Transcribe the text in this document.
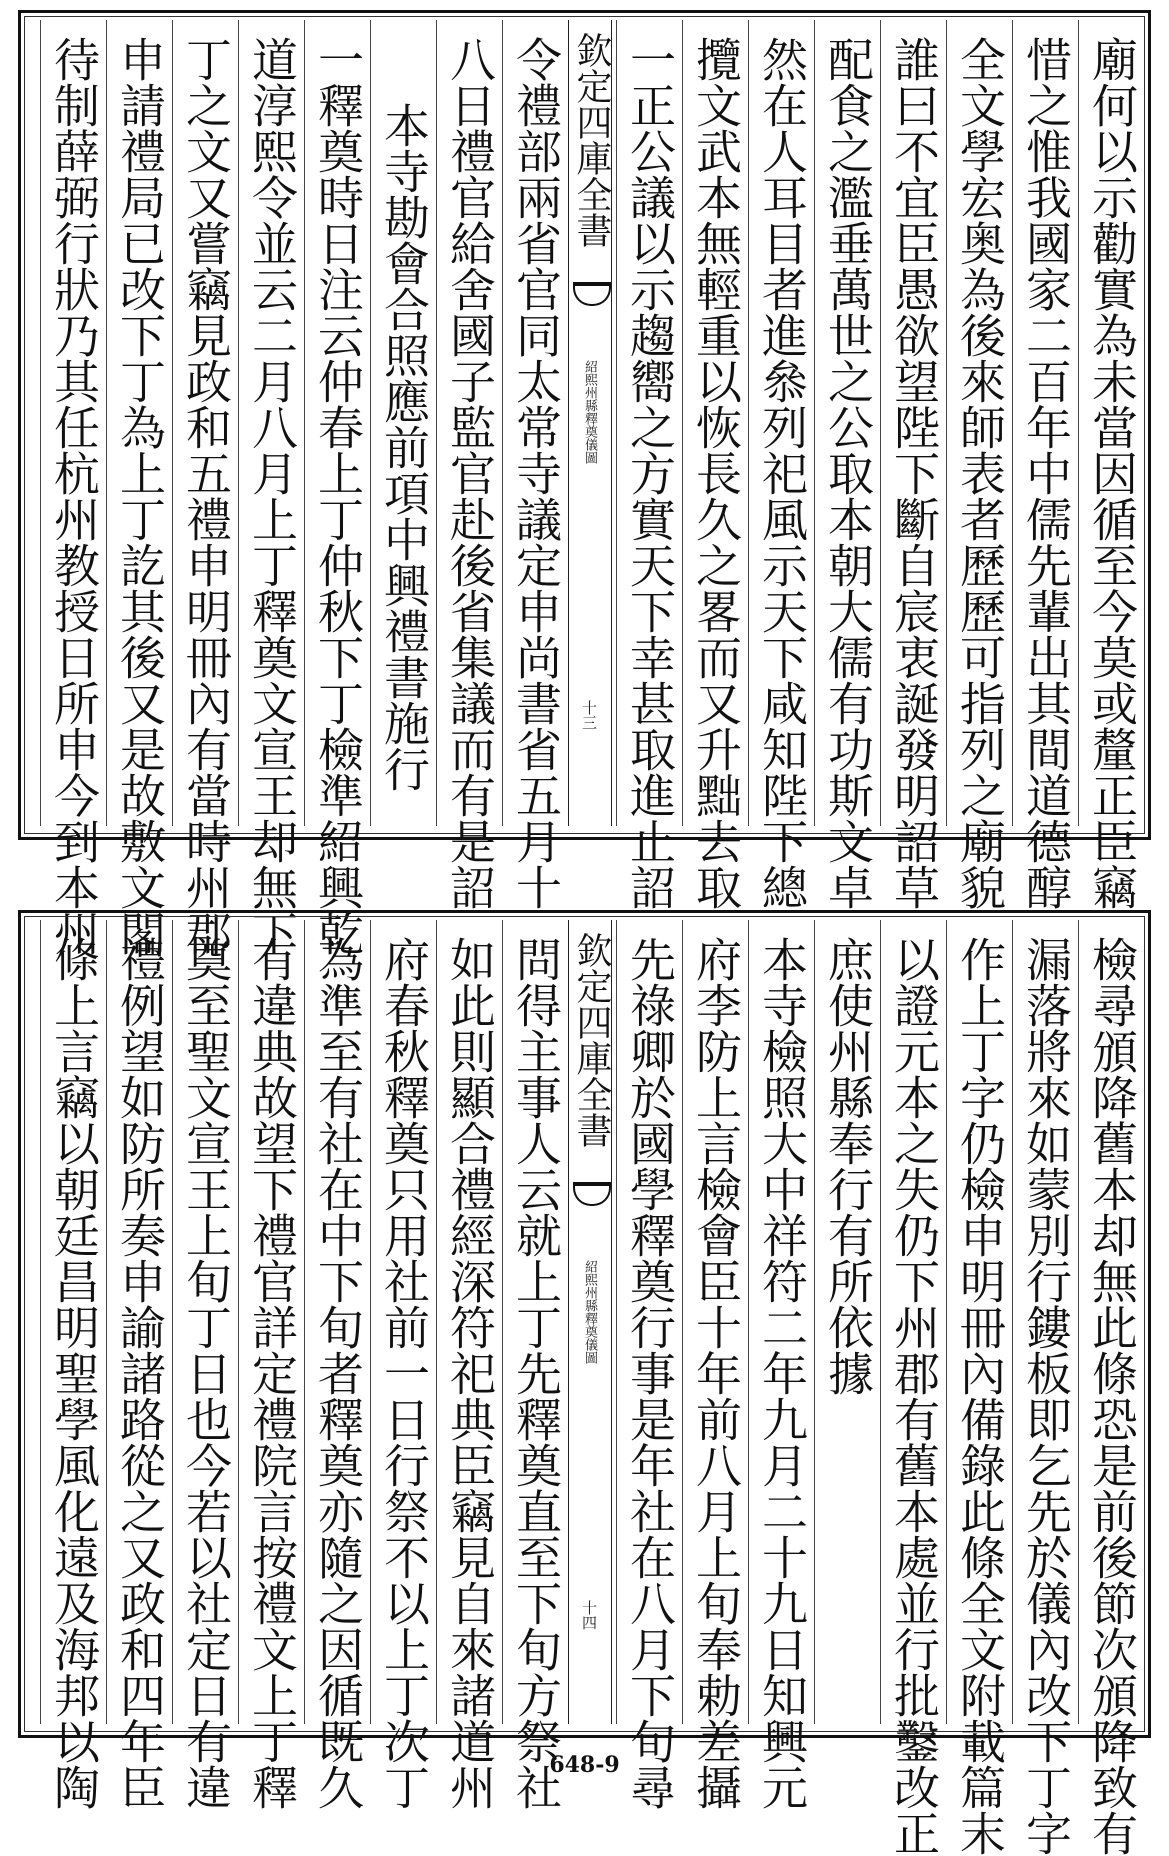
廟何以示勸實為未當因循至今莫或釐正臣竊
惜之惟我國家二百年中儒先輩出其間道德醇
全文學宏奥為後來師表者歷歷可指列之廟貌
誰曰不宜臣愚欲望陛下斷自宸衷誕發明詔草
配食之濫垂萬世之公取本朝大儒有功斯文卓
然在人耳目者進叅列祀風示天下咸知陛下總
攬文武本無輕重以恢長久之畧而又升黜去取
一正公議以示趨嚮之方實天下幸甚取進止詔
欽定四庫全書
紹熙州縣釋奠儀圖
十三
令禮部兩省官同太常寺議定申尚書省五月十
八日禮官給舍國子監官赴後省集議而有是詔
本寺勘會合照應前項中興禮書施行
一釋奠時日注云仲春上丁仲秋下丁檢準紹興乾
道淳熙令並云二月八月上丁釋奠文宣王却無下
丁之文又嘗竊見政和五禮申明冊內有當時州郡
申請禮局已改下丁為上丁訖其後又是故敷文閣
待制薛弼行狀乃其任杭州教授日所申今到本州
檢尋頒降舊本却無此條恐是前後節次頒降致有
漏落將來如蒙別行鏤板即乞先於儀內改下丁字
作上丁字仍檢申明冊內備錄此條全文附載篇末
以證元本之失仍下州郡有舊本處並行批鑿改正
庶使州縣奉行有所依據
本寺檢照大中祥符二年九月二十九日知興元
府李防上言檢會臣十年前八月上旬奉勅差攝
先祿卿於國學釋奠行事是年社在八月下旬尋
欽定四庫全書
紹熙州縣釋奠儀圖
十四
問得主事人云就上丁先釋奠直至下旬方祭社
如此則顯合禮經深符祀典臣竊見自來諸道州
府春秋釋奠只用社前一日行祭不以上丁次丁
為準至有社在中下旬者釋奠亦隨之因循既久
有違典故望下禮官詳定禮院言按禮文上丁釋
奠至聖文宣王上旬丁日也今若以社定日有違
禮例望如防所奏申諭諸路從之又政和四年臣
條上言竊以朝廷昌明聖學風化遠及海邦以陶	648-9
